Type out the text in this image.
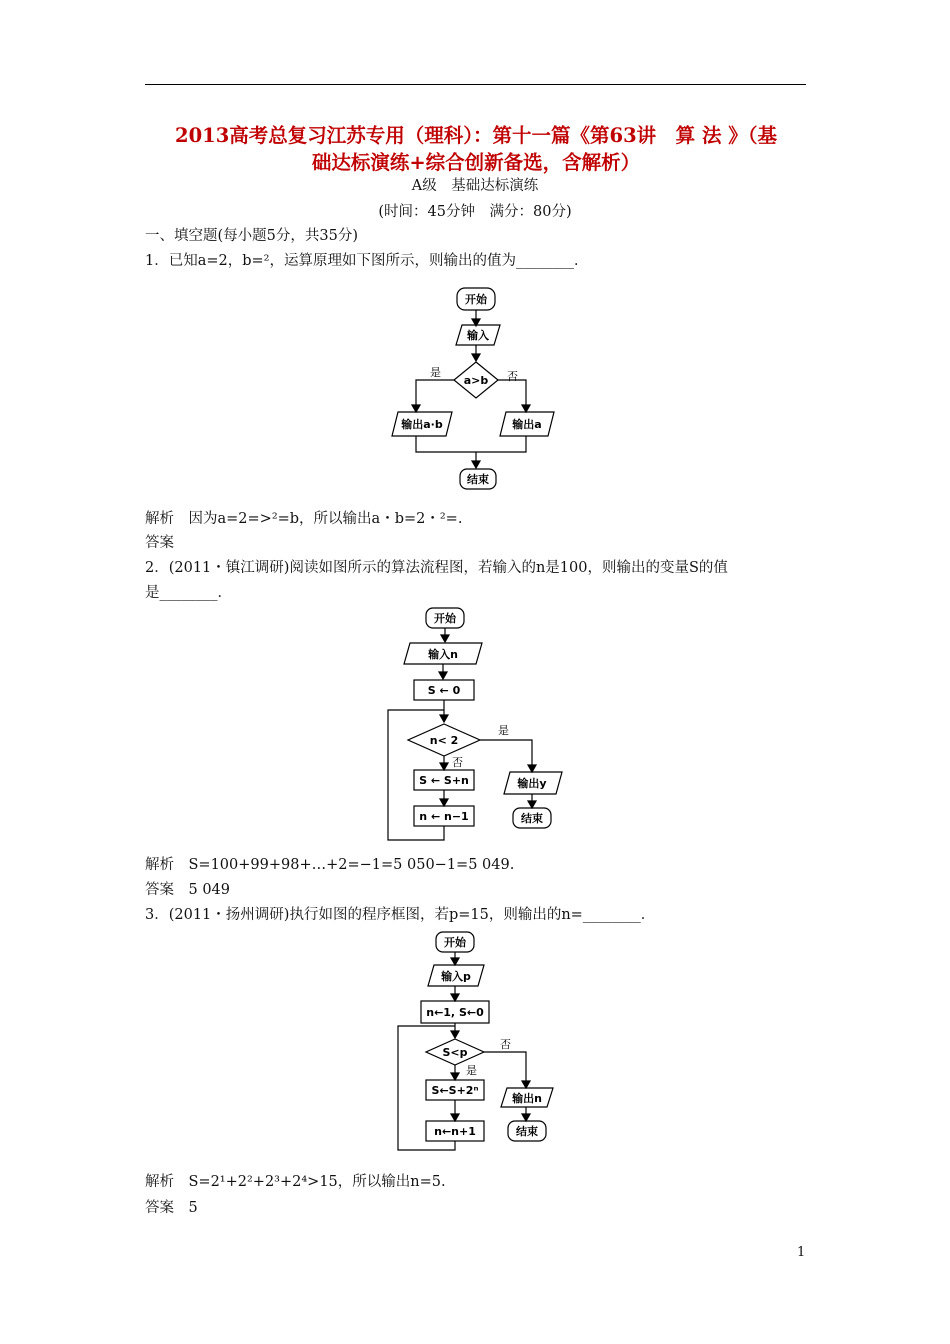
2013高考总复习江苏专用（理科）：第十一篇《第63讲　算 法 》（基
础达标演练+综合创新备选，含解析）
A级　基础达标演练
(时间：45分钟　满分：80分)
一、填空题(每小题5分，共35分)
1．已知a=2，b=²，运算原理如下图所示，则输出的值为________．
开始
输入
a>b
是	否
输出a·b	输出a
结束
解析　因为a=2=>²=b，所以输出a・b=2・²=.
答案
2．(2011・镇江调研)阅读如图所示的算法流程图，若输入的n是100，则输出的变量S的值
是________．
开始
输入n
S ← 0
n< 2
是
否
S ← S+n
n ← n−1
输出y
结束
解析　S=100+99+98+…+2=−1=5 050−1=5 049.
答案　5 049
3．(2011・扬州调研)执行如图的程序框图，若p=15，则输出的n=________．
开始
输入p
n←1, S←0
S<p
否
是
S←S+2ⁿ
n←n+1
输出n
结束
解析　S=2¹+2²+2³+2⁴>15，所以输出n=5.
答案　5
1
